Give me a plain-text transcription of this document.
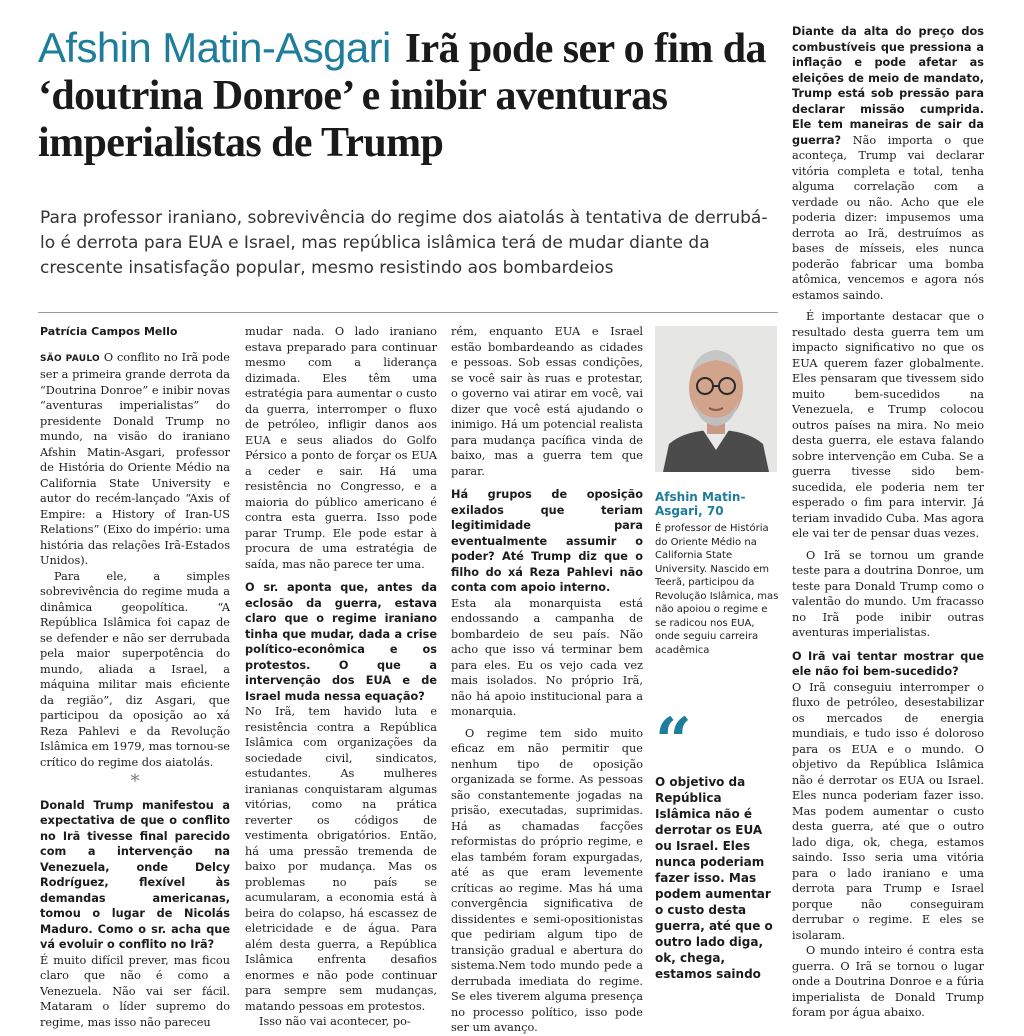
Afshin Matin-Asgari Irã pode ser o fim da ‘doutrina Donroe’ e inibir aventuras imperialistas de Trump

Para professor iraniano, sobrevivência do regime dos aiatolás à tentativa de derrubá-lo é derrota para EUA e Israel, mas república islâmica terá de mudar diante da crescente insatisfação popular, mesmo resistindo aos bombardeios

Patrícia Campos Mello

SÃO PAULO O conflito no Irã pode ser a primeira grande derrota da “Doutrina Donroe” e inibir novas “aventuras imperialistas” do presidente Donald Trump no mundo, na visão do iraniano Afshin Matin-Asgari, professor de História do Oriente Médio na California State University e autor do recém-lançado “Axis of Empire: a History of Iran-US Relations” (Eixo do império: uma história das relações Irã-Estados Unidos).

Para ele, a simples sobrevivência do regime muda a dinâmica geopolítica. “A República Islâmica foi capaz de se defender e não ser derrubada pela maior superpotência do mundo, aliada a Israel, a máquina militar mais eficiente da região”, diz Asgari, que participou da oposição ao xá Reza Pahlevi e da Revolução Islâmica em 1979, mas tornou-se crítico do regime dos aiatolás.

*

Donald Trump manifestou a expectativa de que o conflito no Irã tivesse final parecido com a intervenção na Venezuela, onde Delcy Rodríguez, flexível às demandas americanas, tomou o lugar de Nicolás Maduro. Como o sr. acha que vá evoluir o conflito no Irã?

É muito difícil prever, mas ficou claro que não é como a Venezuela. Não vai ser fácil. Mataram o líder supremo do regime, mas isso não pareceu

mudar nada. O lado iraniano estava preparado para continuar mesmo com a liderança dizimada. Eles têm uma estratégia para aumentar o custo da guerra, interromper o fluxo de petróleo, infligir danos aos EUA e seus aliados do Golfo Pérsico a ponto de forçar os EUA a ceder e sair. Há uma resistência no Congresso, e a maioria do público americano é contra esta guerra. Isso pode parar Trump. Ele pode estar à procura de uma estratégia de saída, mas não parece ter uma.

O sr. aponta que, antes da eclosão da guerra, estava claro que o regime iraniano tinha que mudar, dada a crise político-econômica e os protestos. O que a intervenção dos EUA e de Israel muda nessa equação?

No Irã, tem havido luta e resistência contra a República Islâmica com organizações da sociedade civil, sindicatos, estudantes. As mulheres iranianas conquistaram algumas vitórias, como na prática reverter os códigos de vestimenta obrigatórios. Então, há uma pressão tremenda de baixo por mudança. Mas os problemas no país se acumularam, a economia está à beira do colapso, há escassez de eletricidade e de água. Para além desta guerra, a República Islâmica enfrenta desafios enormes e não pode continuar para sempre sem mudanças, matando pessoas em protestos.

Isso não vai acontecer, po-

rém, enquanto EUA e Israel estão bombardeando as cidades e pessoas. Sob essas condições, se você sair às ruas e protestar, o governo vai atirar em você, vai dizer que você está ajudando o inimigo. Há um potencial realista para mudança pacífica vinda de baixo, mas a guerra tem que parar.

Há grupos de oposição exilados que teriam legitimidade para eventualmente assumir o poder? Até Trump diz que o filho do xá Reza Pahlevi não conta com apoio interno.

Esta ala monarquista está endossando a campanha de bombardeio de seu país. Não acho que isso vá terminar bem para eles. Eu os vejo cada vez mais isolados. No próprio Irã, não há apoio institucional para a monarquia.

O regime tem sido muito eficaz em não permitir que nenhum tipo de oposição organizada se forme. As pessoas são constantemente jogadas na prisão, executadas, suprimidas. Há as chamadas facções reformistas do próprio regime, e elas também foram expurgadas, até as que eram levemente críticas ao regime. Mas há uma convergência significativa de dissidentes e semi-opositionistas que pediriam algum tipo de transição gradual e abertura do sistema.Nem todo mundo pede a derrubada imediata do regime. Se eles tiverem alguma presença no processo político, isso pode ser um avanço.

Afshin Matin-Asgari, 70
É professor de História do Oriente Médio na California State University. Nascido em Teerã, participou da Revolução Islâmica, mas não apoiou o regime e se radicou nos EUA, onde seguiu carreira acadêmica
“
O objetivo da República Islâmica não é derrotar os EUA ou Israel. Eles nunca poderiam fazer isso. Mas podem aumentar o custo desta guerra, até que o outro lado diga, ok, chega, estamos saindo

Diante da alta do preço dos combustíveis que pressiona a inflação e pode afetar as eleições de meio de mandato, Trump está sob pressão para declarar missão cumprida. Ele tem maneiras de sair da guerra? Não importa o que aconteça, Trump vai declarar vitória completa e total, tenha alguma correlação com a verdade ou não. Acho que ele poderia dizer: impusemos uma derrota ao Irã, destruímos as bases de mísseis, eles nunca poderão fabricar uma bomba atômica, vencemos e agora nós estamos saindo.

É importante destacar que o resultado desta guerra tem um impacto significativo no que os EUA querem fazer globalmente. Eles pensaram que tivessem sido muito bem-sucedidos na Venezuela, e Trump colocou outros países na mira. No meio desta guerra, ele estava falando sobre intervenção em Cuba. Se a guerra tivesse sido bem-sucedida, ele poderia nem ter esperado o fim para intervir. Já teriam invadido Cuba. Mas agora ele vai ter de pensar duas vezes.

O Irã se tornou um grande teste para a doutrina Donroe, um teste para Donald Trump como o valentão do mundo. Um fracasso no Irã pode inibir outras aventuras imperialistas.

O Irã vai tentar mostrar que ele não foi bem-sucedido?

O Irã conseguiu interromper o fluxo de petróleo, desestabilizar os mercados de energia mundiais, e tudo isso é doloroso para os EUA e o mundo. O objetivo da República Islâmica não é derrotar os EUA ou Israel. Eles nunca poderiam fazer isso. Mas podem aumentar o custo desta guerra, até que o outro lado diga, ok, chega, estamos saindo. Isso seria uma vitória para o lado iraniano e uma derrota para Trump e Israel porque não conseguiram derrubar o regime. E eles se isolaram.

O mundo inteiro é contra esta guerra. O Irã se tornou o lugar onde a Doutrina Donroe e a fúria imperialista de Donald Trump foram por água abaixo.
